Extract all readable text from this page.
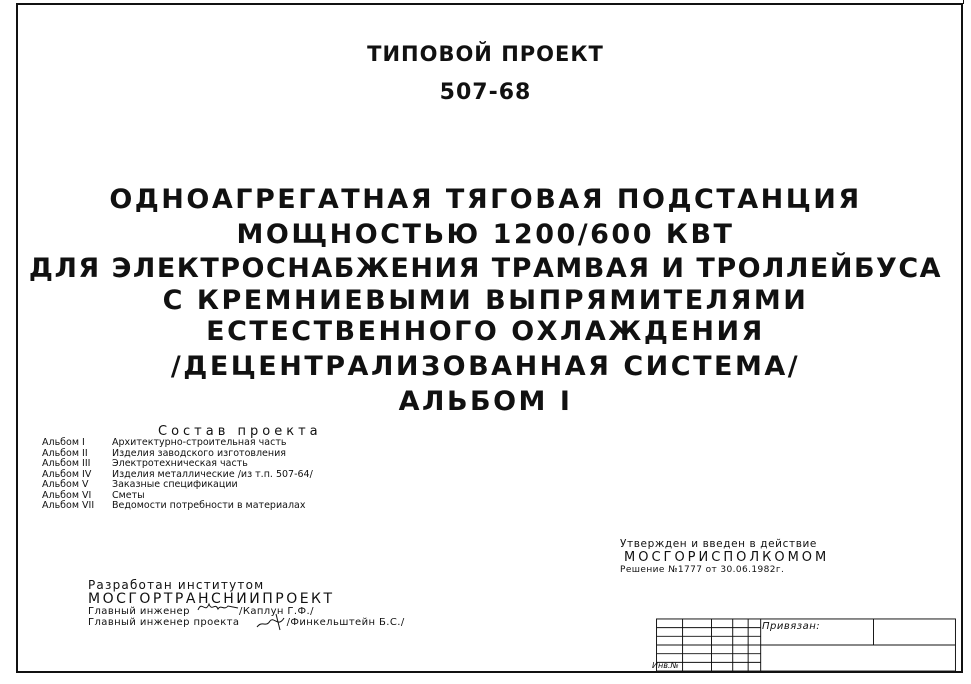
ТИПОВОЙ ПРОЕКТ
507-68
ОДНОАГРЕГАТНАЯ ТЯГОВАЯ ПОДСТАНЦИЯ
МОЩНОСТЬЮ 1200/600 КВТ
ДЛЯ ЭЛЕКТРОСНАБЖЕНИЯ ТРАМВАЯ И ТРОЛЛЕЙБУСА
С КРЕМНИЕВЫМИ ВЫПРЯМИТЕЛЯМИ
ЕСТЕСТВЕННОГО ОХЛАЖДЕНИЯ
/ДЕЦЕНТРАЛИЗОВАННАЯ СИСТЕМА/
АЛЬБОМ I
Состав проекта
Альбом I	Архитектурно-строительная часть
Альбом II	Изделия заводского изготовления
Альбом III Электротехническая часть
Альбом IV Изделия металлические /из т.п. 507-64/
Альбом V Заказные спецификации
Альбом VI Сметы
Альбом VII Ведомости потребности в материалах
Утвержден и введен в действие
МОСГОРИСПОЛКОМОМ
Решение №1777 от 30.06.1982г.
Разработан институтом
МОСГОРТРАНСНИИПРОЕКТ
Главный инженер	/Каплун Г.Ф./
Главный инженер проекта	/Финкельштейн Б.С./	Привязан:
Инв.№
